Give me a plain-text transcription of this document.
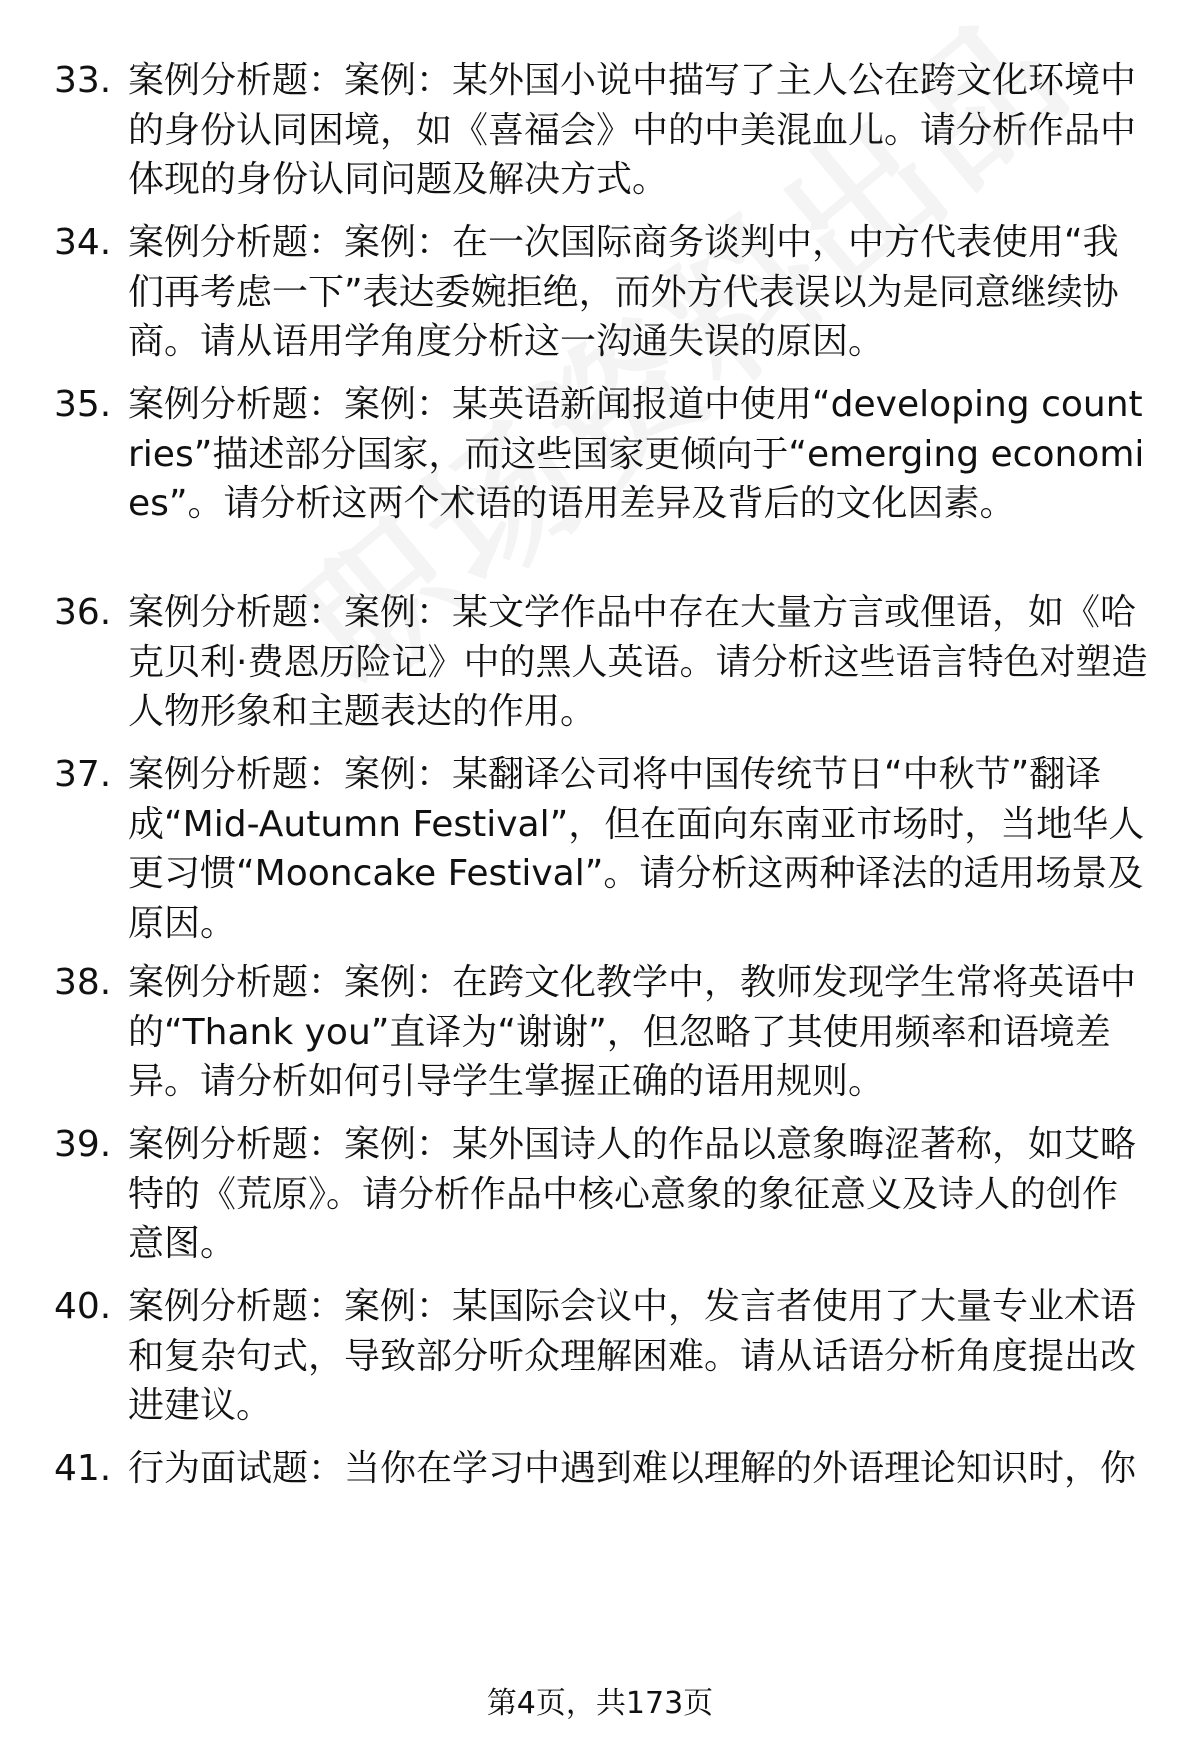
33. 案例分析题：案例：某外国小说中描写了主人公在跨文化环境中的身份认同困境，如《喜福会》中的中美混血儿。请分析作品中体现的身份认同问题及解决方式。
34. 案例分析题：案例：在一次国际商务谈判中，中方代表使用“我们再考虑一下”表达委婉拒绝，而外方代表误以为是同意继续协商。请从语用学角度分析这一沟通失误的原因。
35. 案例分析题：案例：某英语新闻报道中使用“developing countries”描述部分国家，而这些国家更倾向于“emerging economies”。请分析这两个术语的语用差异及背后的文化因素。
36. 案例分析题：案例：某文学作品中存在大量方言或俚语，如《哈克贝利·费恩历险记》中的黑人英语。请分析这些语言特色对塑造人物形象和主题表达的作用。
37. 案例分析题：案例：某翻译公司将中国传统节日“中秋节”翻译成“Mid-Autumn Festival”，但在面向东南亚市场时，当地华人更习惯“Mooncake Festival”。请分析这两种译法的适用场景及原因。
38. 案例分析题：案例：在跨文化教学中，教师发现学生常将英语中的“Thank you”直译为“谢谢”，但忽略了其使用频率和语境差异。请分析如何引导学生掌握正确的语用规则。
39. 案例分析题：案例：某外国诗人的作品以意象晦涩著称，如艾略特的《荒原》。请分析作品中核心意象的象征意义及诗人的创作意图。
40. 案例分析题：案例：某国际会议中，发言者使用了大量专业术语和复杂句式，导致部分听众理解困难。请从话语分析角度提出改进建议。
41. 行为面试题：当你在学习中遇到难以理解的外语理论知识时，你
第4页，共173页
